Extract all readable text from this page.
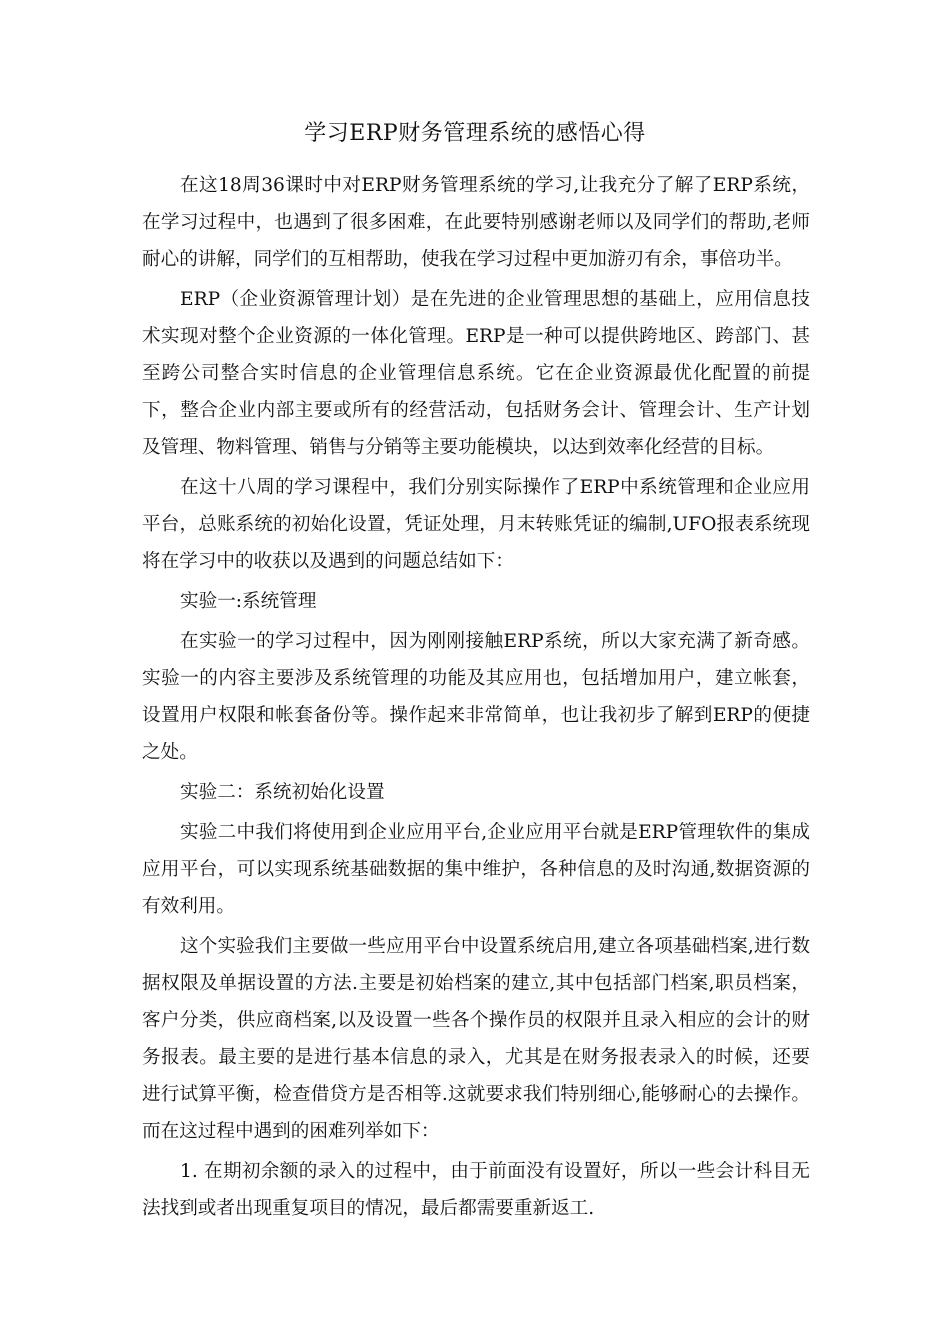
学习ERP财务管理系统的感悟心得

在这18周36课时中对ERP财务管理系统的学习,让我充分了解了ERP系统，在学习过程中，也遇到了很多困难，在此要特别感谢老师以及同学们的帮助,老师耐心的讲解，同学们的互相帮助，使我在学习过程中更加游刃有余，事倍功半。

ERP（企业资源管理计划）是在先进的企业管理思想的基础上，应用信息技术实现对整个企业资源的一体化管理。ERP是一种可以提供跨地区、跨部门、甚至跨公司整合实时信息的企业管理信息系统。它在企业资源最优化配置的前提下，整合企业内部主要或所有的经营活动，包括财务会计、管理会计、生产计划及管理、物料管理、销售与分销等主要功能模块，以达到效率化经营的目标。

在这十八周的学习课程中，我们分别实际操作了ERP中系统管理和企业应用平台，总账系统的初始化设置，凭证处理，月末转账凭证的编制,UFO报表系统现将在学习中的收获以及遇到的问题总结如下：

实验一:系统管理

在实验一的学习过程中，因为刚刚接触ERP系统，所以大家充满了新奇感。实验一的内容主要涉及系统管理的功能及其应用也，包括增加用户，建立帐套，设置用户权限和帐套备份等。操作起来非常简单，也让我初步了解到ERP的便捷之处。

实验二：系统初始化设置

实验二中我们将使用到企业应用平台,企业应用平台就是ERP管理软件的集成应用平台，可以实现系统基础数据的集中维护，各种信息的及时沟通,数据资源的有效利用。

这个实验我们主要做一些应用平台中设置系统启用,建立各项基础档案,进行数据权限及单据设置的方法.主要是初始档案的建立,其中包括部门档案,职员档案，客户分类，供应商档案,以及设置一些各个操作员的权限并且录入相应的会计的财务报表。最主要的是进行基本信息的录入，尤其是在财务报表录入的时候，还要进行试算平衡，检查借贷方是否相等.这就要求我们特别细心,能够耐心的去操作。而在这过程中遇到的困难列举如下：

1. 在期初余额的录入的过程中，由于前面没有设置好，所以一些会计科目无法找到或者出现重复项目的情况，最后都需要重新返工.
